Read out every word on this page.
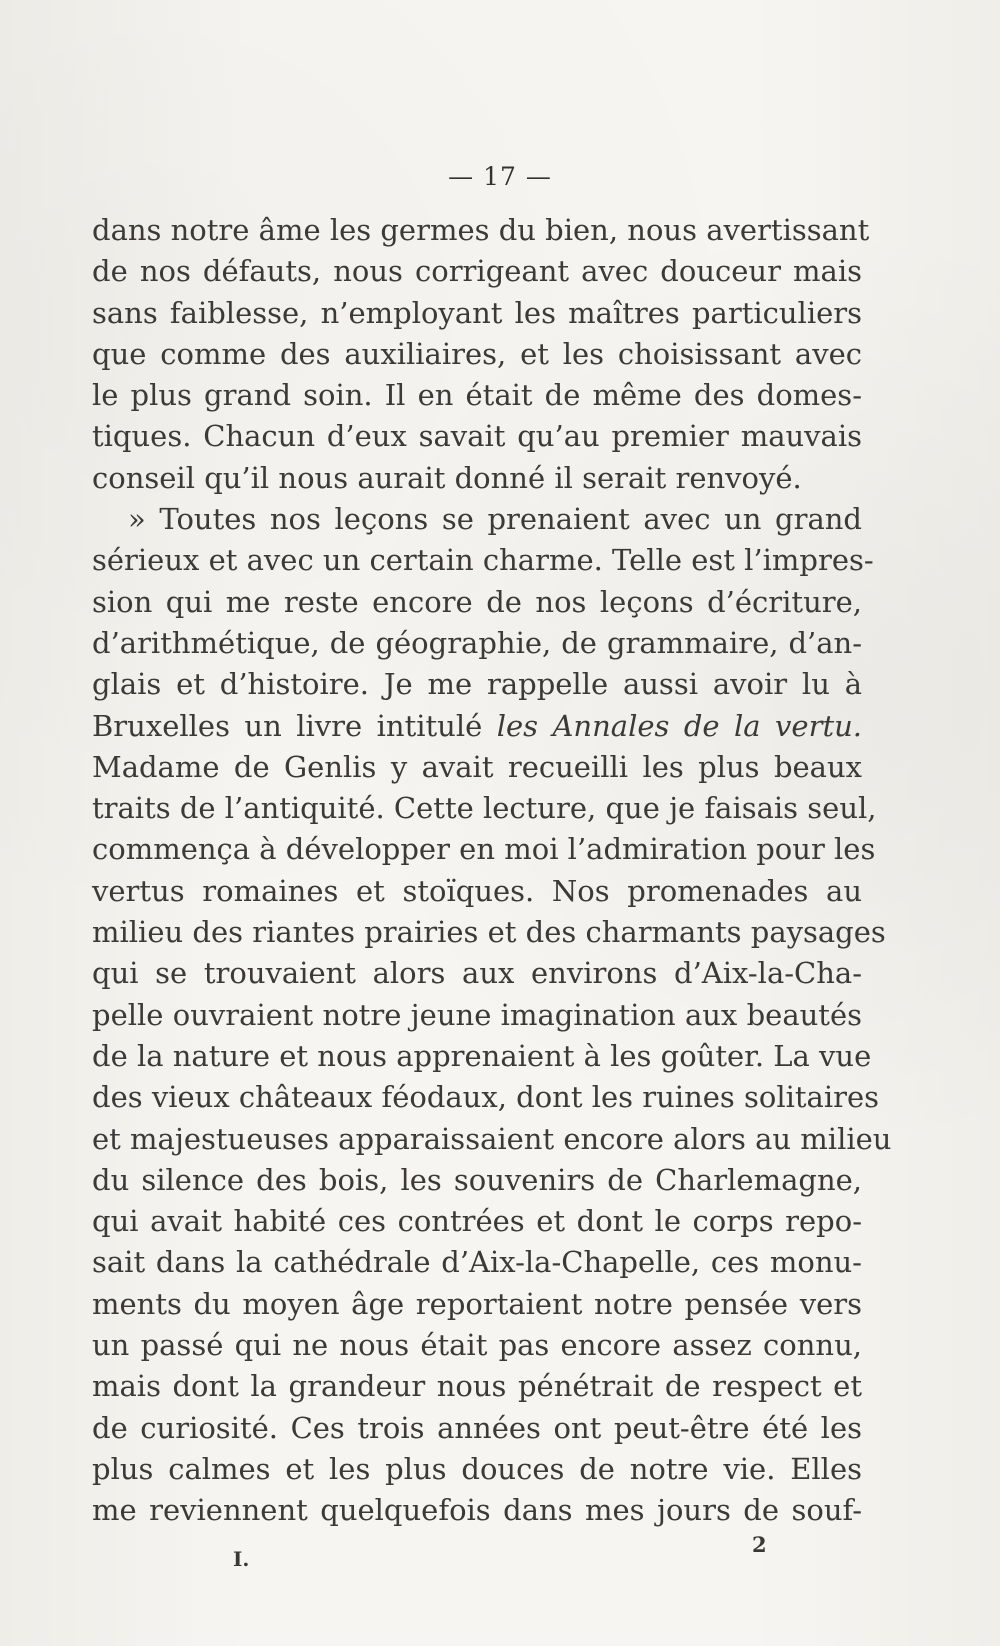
— 17 —
dans notre âme les germes du bien, nous avertissant
de nos défauts, nous corrigeant avec douceur mais
sans faiblesse, n’employant les maîtres particuliers
que comme des auxiliaires, et les choisissant avec
le plus grand soin. Il en était de même des domes-
tiques. Chacun d’eux savait qu’au premier mauvais
conseil qu’il nous aurait donné il serait renvoyé.
» Toutes nos leçons se prenaient avec un grand
sérieux et avec un certain charme. Telle est l’impres-
sion qui me reste encore de nos leçons d’écriture,
d’arithmétique, de géographie, de grammaire, d’an-
glais et d’histoire. Je me rappelle aussi avoir lu à
Bruxelles un livre intitulé les Annales de la vertu.
Madame de Genlis y avait recueilli les plus beaux
traits de l’antiquité. Cette lecture, que je faisais seul,
commença à développer en moi l’admiration pour les
vertus romaines et stoïques. Nos promenades au
milieu des riantes prairies et des charmants paysages
qui se trouvaient alors aux environs d’Aix-la-Cha-
pelle ouvraient notre jeune imagination aux beautés
de la nature et nous apprenaient à les goûter. La vue
des vieux châteaux féodaux, dont les ruines solitaires
et majestueuses apparaissaient encore alors au milieu
du silence des bois, les souvenirs de Charlemagne,
qui avait habité ces contrées et dont le corps repo-
sait dans la cathédrale d’Aix-la-Chapelle, ces monu-
ments du moyen âge reportaient notre pensée vers
un passé qui ne nous était pas encore assez connu,
mais dont la grandeur nous pénétrait de respect et
de curiosité. Ces trois années ont peut-être été les
plus calmes et les plus douces de notre vie. Elles
me reviennent quelquefois dans mes jours de souf-
I.
2
